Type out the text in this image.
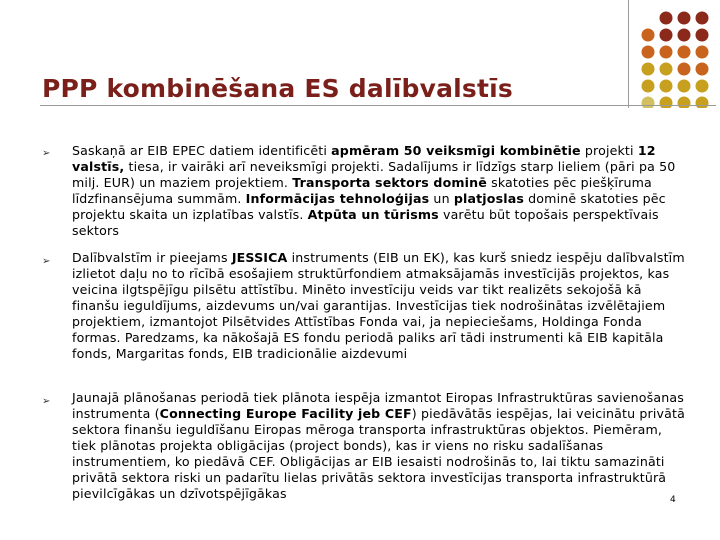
PPP kombinēšana ES dalībvalstīs
➢ Saskaņā ar EIB EPEC datiem identificēti apmēram 50 veiksmīgi kombinētie projekti 12 valstīs, tiesa, ir vairāki arī neveiksmīgi projekti. Sadalījums ir līdzīgs starp lieliem (pāri pa 50 milj. EUR) un maziem projektiem. Transporta sektors dominē skatoties pēc piešķīruma līdzfinansējuma summām. Informācijas tehnoloģijas un platjoslas dominē skatoties pēc projektu skaita un izplatības valstīs. Atpūta un tūrisms varētu būt topošais perspektīvais sektors
➢ Dalībvalstīm ir pieejams JESSICA instruments (EIB un EK), kas kurš sniedz iespēju dalībvalstīm izlietot daļu no to rīcībā esošajiem struktūrfondiem atmaksājamās investīcijās projektos, kas veicina ilgtspējīgu pilsētu attīstību. Minēto investīciju veids var tikt realizēts sekojošā kā finanšu ieguldījums, aizdevums un/vai garantijas. Investīcijas tiek nodrošinātas izvēlētajiem projektiem, izmantojot Pilsētvides Attīstības Fonda vai, ja nepieciešams, Holdinga Fonda formas. Paredzams, ka nākošajā ES fondu periodā paliks arī tādi instrumenti kā EIB kapitāla fonds, Margaritas fonds, EIB tradicionālie aizdevumi
➢ Jaunajā plānošanas periodā tiek plānota iespēja izmantot Eiropas Infrastruktūras savienošanas instrumenta (Connecting Europe Facility jeb CEF) piedāvātās iespējas, lai veicinātu privātā sektora finanšu ieguldīšanu Eiropas mēroga transporta infrastruktūras objektos. Piemēram, tiek plānotas projekta obligācijas (project bonds), kas ir viens no risku sadalīšanas instrumentiem, ko piedāvā CEF. Obligācijas ar EIB iesaisti nodrošinās to, lai tiktu samazināti privātā sektora riski un padarītu lielas privātās sektora investīcijas transporta infrastruktūrā pievilcīgākas un dzīvotspējīgākas	4
